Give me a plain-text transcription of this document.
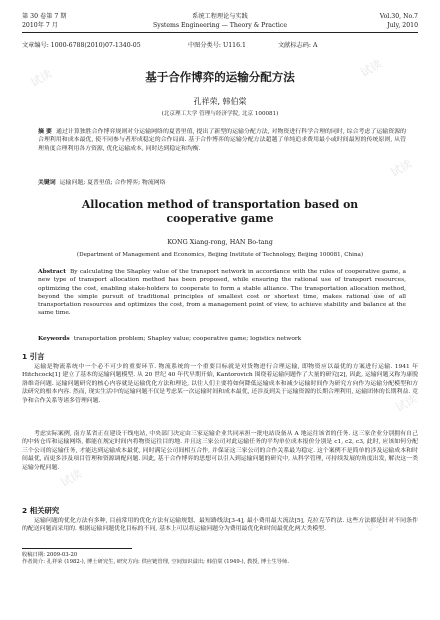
试读
试读
试读
试读
试读
试读
试读
第 30 卷第 7 期
2010年 7 月
系统工程理论与实践
Systems Engineering — Theory & Practice
Vol.30, No.7
July, 2010
文章编号: 1000-6788(2010)07-1340-05	中图分类号: U116.1	文献标志码: A
基于合作博弈的运输分配方法
孔祥荣, 韩伯棠
(北京理工大学 管理与经济学院, 北京 100081)
摘 要 通过计算独胜合作博弈规则对分运输网络的夏普里值, 提出了新型的运输分配方法, 对物资进行科学合理的同时, 综合考虑了运输资源的合理利用和成本最优, 使不同参与者形成稳定的合作局面. 基于合作博弈的运输分配方法超越了单纯追求费用最小或时间最短的传统原则, 从管理角度合理利用各方资源, 优化运输成本, 同时达到稳定和均衡.
关键词 运输问题; 夏普里值; 合作博弈; 物流网络
Allocation method of transportation based on
cooperative game
KONG Xiang-rong, HAN Bo-tang
(Department of Management and Economics, Beijing Institute of Technology, Beijing 100081, China)
Abstract By calculating the Shapley value of the transport network in accordance with the rules of cooperative game, a new type of transport allocation method has been proposed, while ensuring the rational use of transport resources, optimizing the cost, enabling stake-holders to cooperate to form a stable alliance. The transportation allocation method, beyond the simple pursuit of traditional principles of smallest cost or shortest time, makes rational use of all transportation resources and optimizes the cost, from a management point of view, to achieve stability and balance at the same time.
Keywords transportation problem; Shapley value; cooperative game; logistics network
1 引言
运输是物流系统中一个必不可少的重要环节. 物流系统的一个重要目标就是对货物进行合理运输, 即物资应以最优的方案进行运输. 1941 年 Hitchcock[1] 建立了基本的运输问题模型. 从 20 世纪 40 年代早期开始, Kantorovich 围绕着运输问题作了大量的研究[2], 因此, 运输问题又称为康脱洛维奇问题. 运输问题研究的核心内容就是运输优化方法和理论, 以往人们主要将如何降低运输成本和减少运输时间作为研究方向作为运输分配模型和方法研究的根本内容. 然而, 现实生活中的运输问题不仅是考虑某一次运输时间和成本最优, 还涉及到关于运输资源的长期合理利用, 运输团体的长期利益. 竞争和合作关系等诸多管理问题.
考虑实际案例, 南方某省正在建设干线电站, 中央部门决定由三家运输企业共同承担一批电站设备从 A 地运往该省的任务. 这三家企业分别拥有自己的中转仓库和运输网络, 都能在规定时间内将物资运往目的地. 并且这三家公司对此运输任务的平均单位成本报价分别是 c1, c2, c3, 此时, 应该如何分配三个公司的运输任务, 才能达到运输成本最优, 同时满足公司间相互合作, 并保证这三家公司的合作关系最为稳定. 这个案例不是简单的涉及运输成本和时间最优, 而更多涉及项目管理和资源调配问题. 因此, 基于合作博弈的思想可以引入到运输问题的研究中, 从科学管理, 可持续发展的角度出发, 解决这一类运输分配问题.
2 相关研究
运输问题的优化方法有多种, 目前常用的优化方法有运输规划、最短路线法[3-4], 最小费用最大流法[5], 克拉克节约法. 这些方法都是针对不同条件的配送问题而采用的. 根据运输问题优化目标的不同, 基本上可以将运输问题分为费用最优化和时间最优化两大类模型.
收稿日期: 2009-03-20
作者简介: 孔祥荣 (1982-), 博士研究生, 研究方向: 供应链管理, 空间知识溢出; 韩伯棠 (1949-), 教授, 博士生导师.
